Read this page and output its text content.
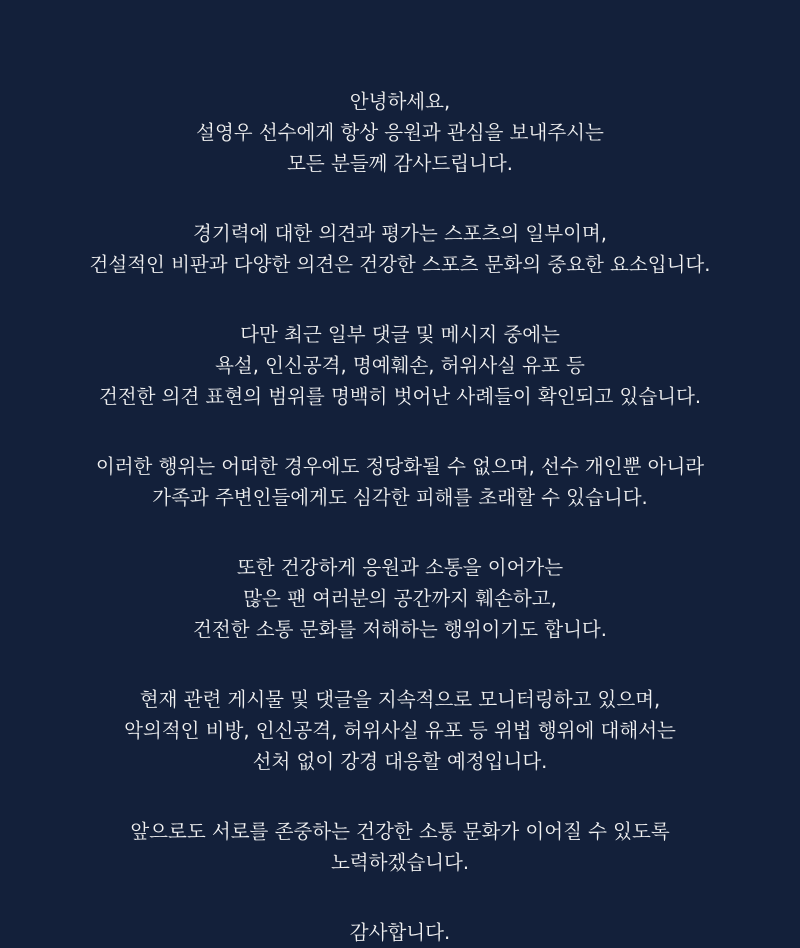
안녕하세요,
설영우 선수에게 항상 응원과 관심을 보내주시는
모든 분들께 감사드립니다.

경기력에 대한 의견과 평가는 스포츠의 일부이며,
건설적인 비판과 다양한 의견은 건강한 스포츠 문화의 중요한 요소입니다.

다만 최근 일부 댓글 및 메시지 중에는
욕설, 인신공격, 명예훼손, 허위사실 유포 등
건전한 의견 표현의 범위를 명백히 벗어난 사례들이 확인되고 있습니다.

이러한 행위는 어떠한 경우에도 정당화될 수 없으며, 선수 개인뿐 아니라
가족과 주변인들에게도 심각한 피해를 초래할 수 있습니다.

또한 건강하게 응원과 소통을 이어가는
많은 팬 여러분의 공간까지 훼손하고,
건전한 소통 문화를 저해하는 행위이기도 합니다.

현재 관련 게시물 및 댓글을 지속적으로 모니터링하고 있으며,
악의적인 비방, 인신공격, 허위사실 유포 등 위법 행위에 대해서는
선처 없이 강경 대응할 예정입니다.

앞으로도 서로를 존중하는 건강한 소통 문화가 이어질 수 있도록
노력하겠습니다.

감사합니다.
